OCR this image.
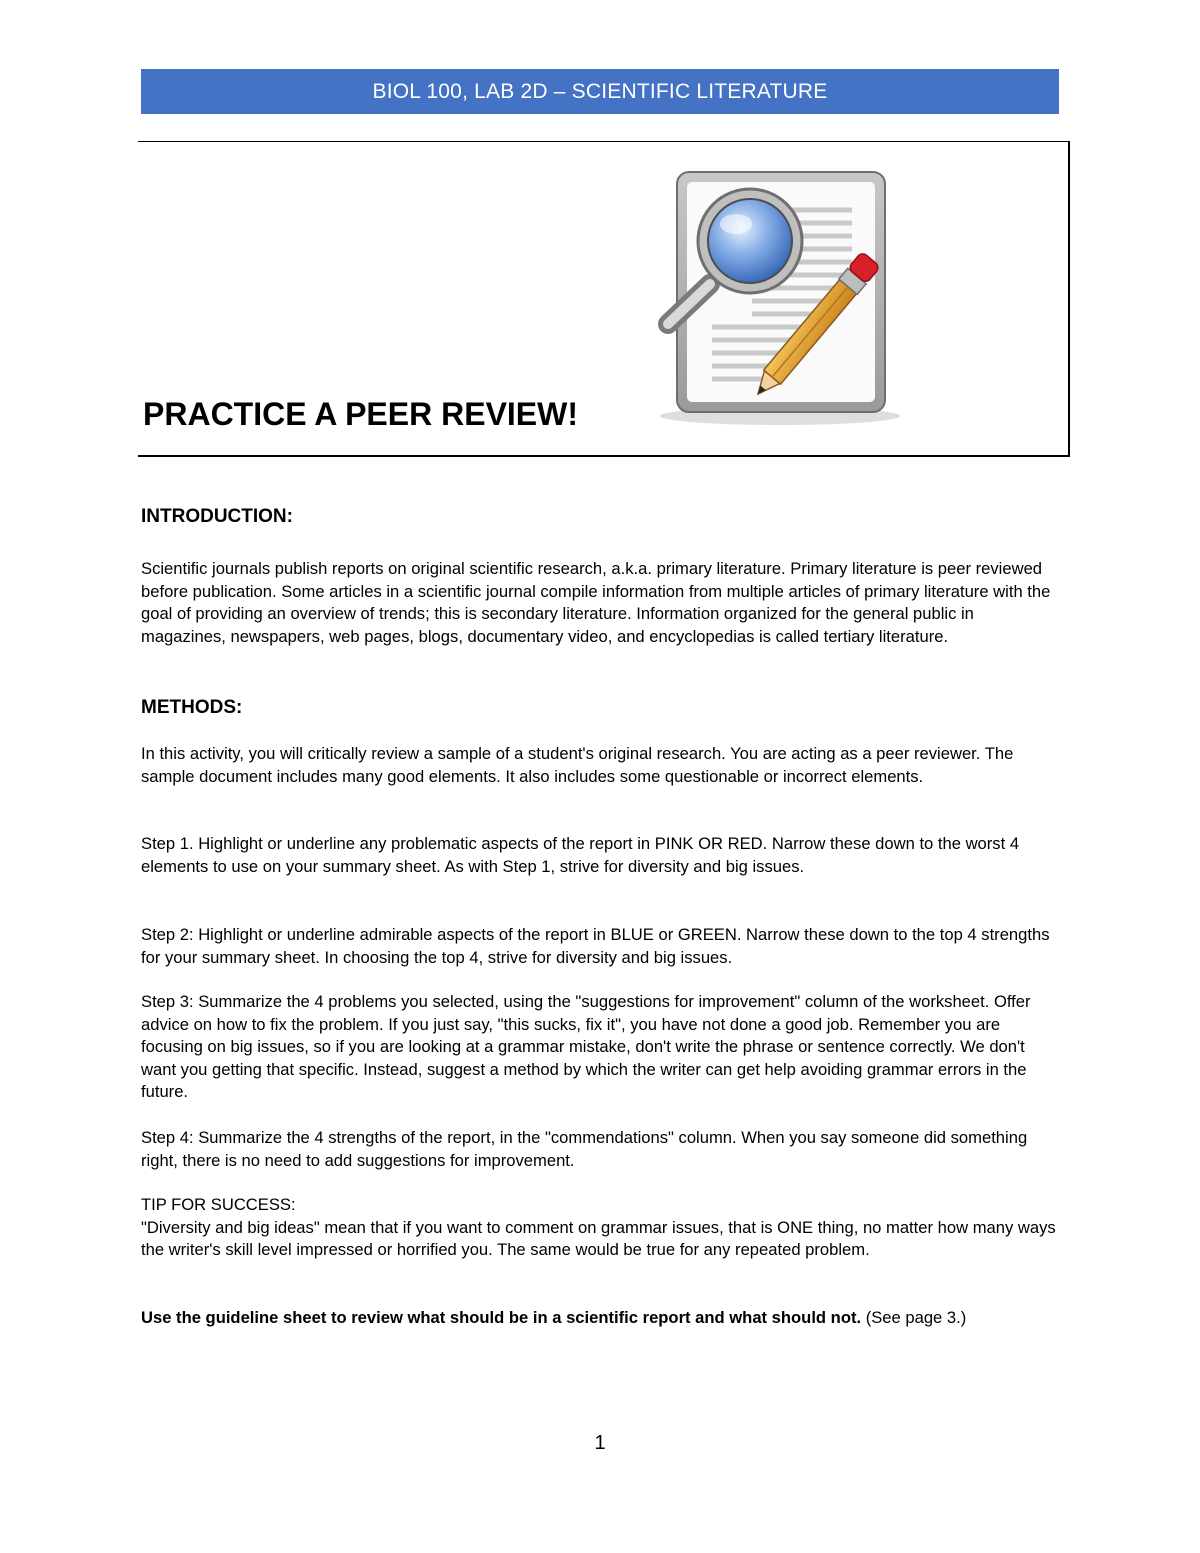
BIOL 100, LAB 2D – SCIENTIFIC LITERATURE
PRACTICE A PEER REVIEW!
INTRODUCTION:

Scientific journals publish reports on original scientific research, a.k.a. primary literature. Primary literature is peer reviewed before publication. Some articles in a scientific journal compile information from multiple articles of primary literature with the goal of providing an overview of trends; this is secondary literature. Information organized for the general public in magazines, newspapers, web pages, blogs, documentary video, and encyclopedias is called tertiary literature.

METHODS:

In this activity, you will critically review a sample of a student's original research. You are acting as a peer reviewer. The sample document includes many good elements. It also includes some questionable or incorrect elements.

Step 1. Highlight or underline any problematic aspects of the report in PINK OR RED. Narrow these down to the worst 4 elements to use on your summary sheet. As with Step 1, strive for diversity and big issues.

Step 2: Highlight or underline admirable aspects of the report in BLUE or GREEN. Narrow these down to the top 4 strengths for your summary sheet. In choosing the top 4, strive for diversity and big issues.

Step 3: Summarize the 4 problems you selected, using the "suggestions for improvement" column of the worksheet. Offer advice on how to fix the problem. If you just say, "this sucks, fix it", you have not done a good job. Remember you are focusing on big issues, so if you are looking at a grammar mistake, don't write the phrase or sentence correctly. We don't want you getting that specific. Instead, suggest a method by which the writer can get help avoiding grammar errors in the future.

Step 4: Summarize the 4 strengths of the report, in the "commendations" column. When you say someone did something right, there is no need to add suggestions for improvement.

TIP FOR SUCCESS:
"Diversity and big ideas" mean that if you want to comment on grammar issues, that is ONE thing, no matter how many ways the writer's skill level impressed or horrified you. The same would be true for any repeated problem.

Use the guideline sheet to review what should be in a scientific report and what should not. (See page 3.)

1
